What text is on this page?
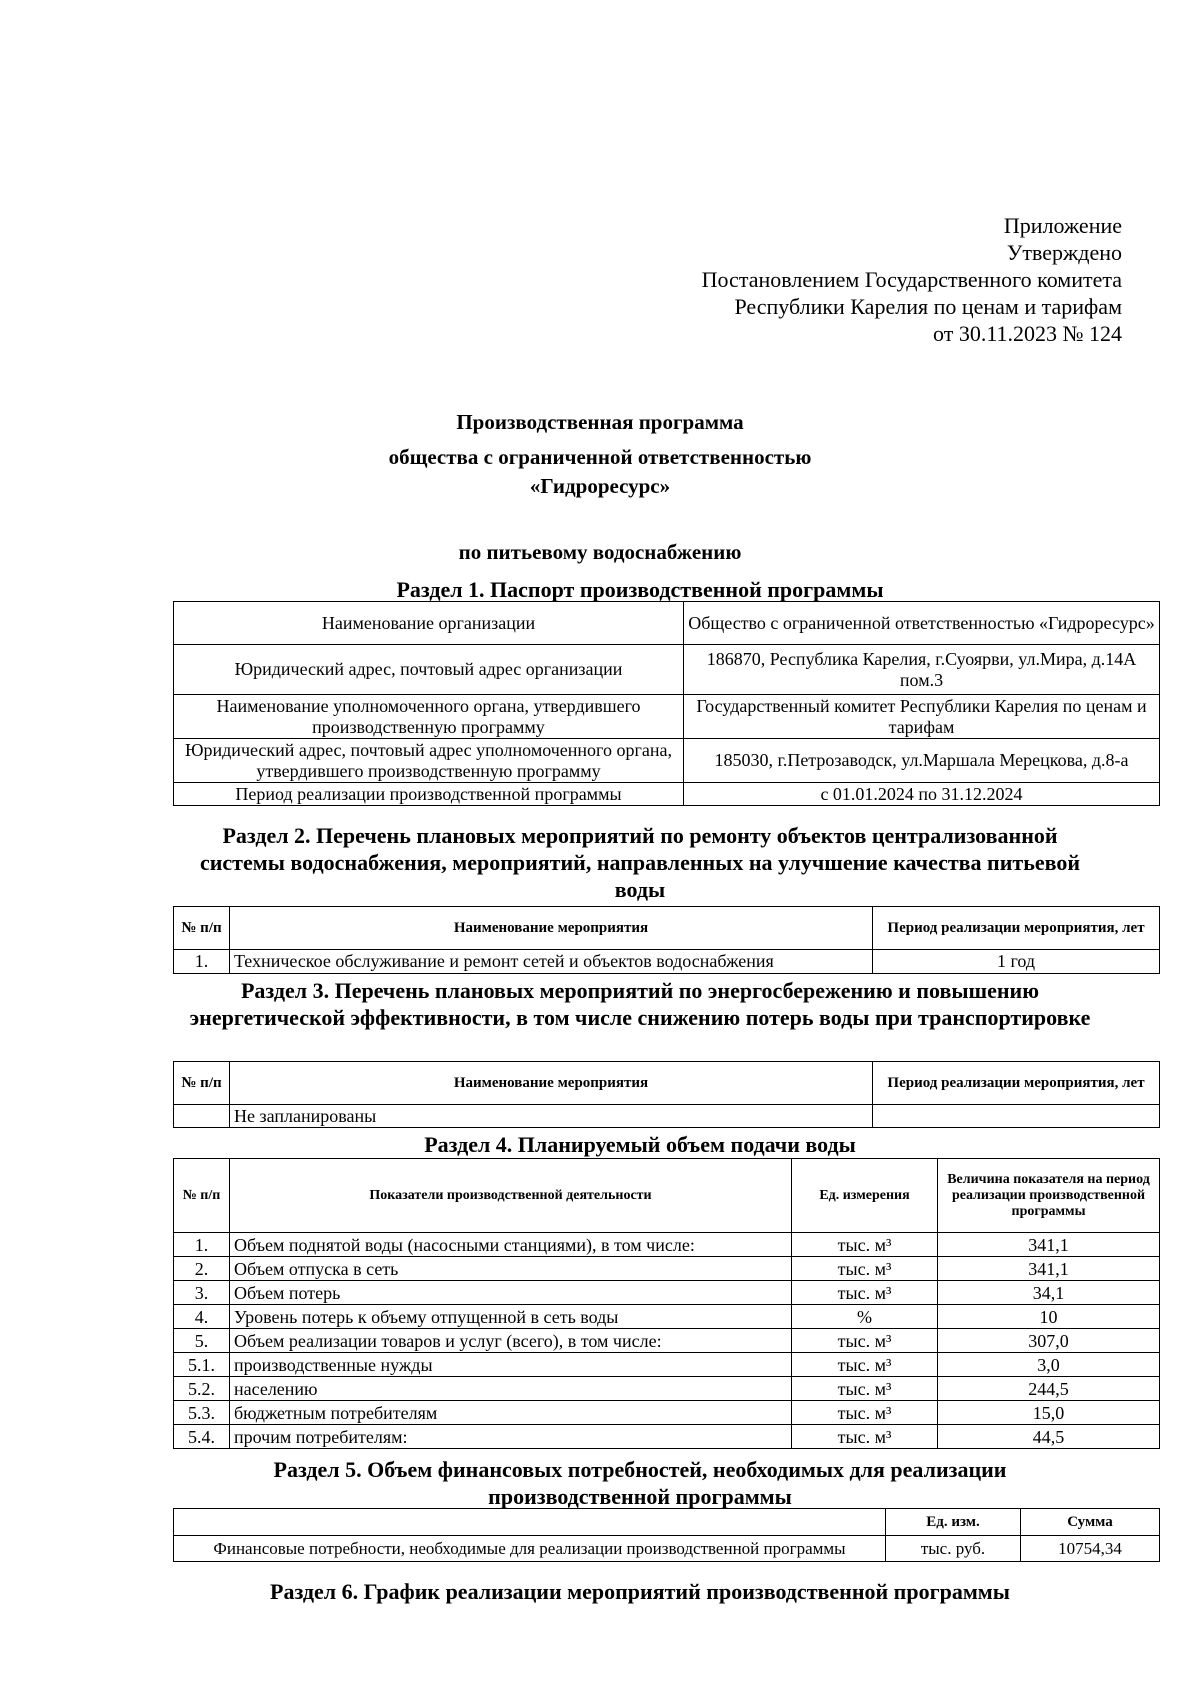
Приложение
Утверждено
Постановлением Государственного комитета
Республики Карелия по ценам и тарифам
от 30.11.2023 № 124
Производственная программа
общества с ограниченной ответственностью
«Гидроресурс»
по питьевому водоснабжению
Раздел 1. Паспорт производственной программы
Наименование организации	Общество с ограниченной ответственностью «Гидроресурс»
Юридический адрес, почтовый адрес организации	186870, Республика Карелия, г.Суоярви, ул.Мира, д.14А пом.3
Наименование уполномоченного органа, утвердившего производственную программу	Государственный комитет Республики Карелия по ценам и тарифам
Юридический адрес, почтовый адрес уполномоченного органа, утвердившего производственную программу	185030, г.Петрозаводск, ул.Маршала Мерецкова, д.8-а
Период реализации производственной программы	с 01.01.2024 по 31.12.2024
Раздел 2. Перечень плановых мероприятий по ремонту объектов централизованной системы водоснабжения, мероприятий, направленных на улучшение качества питьевой воды
№ п/п	Наименование мероприятия	Период реализации мероприятия, лет
1.	Техническое обслуживание и ремонт сетей и объектов водоснабжения	1 год
Раздел 3. Перечень плановых мероприятий по энергосбережению и повышению энергетической эффективности, в том числе снижению потерь воды при транспортировке
№ п/п	Наименование мероприятия	Период реализации мероприятия, лет
	Не запланированы	
Раздел 4. Планируемый объем подачи воды
№ п/п	Показатели производственной деятельности	Ед. измерения	Величина показателя на период реализации производственной программы
1.	Объем поднятой воды (насосными станциями), в том числе:	тыс. м³	341,1
2.	Объем отпуска в сеть	тыс. м³	341,1
3.	Объем потерь	тыс. м³	34,1
4.	Уровень потерь к объему отпущенной в сеть воды	%	10
5.	Объем реализации товаров и услуг (всего), в том числе:	тыс. м³	307,0
5.1.	производственные нужды	тыс. м³	3,0
5.2.	населению	тыс. м³	244,5
5.3.	бюджетным потребителям	тыс. м³	15,0
5.4.	прочим потребителям:	тыс. м³	44,5
Раздел 5. Объем финансовых потребностей, необходимых для реализации производственной программы
	Ед. изм.	Сумма
Финансовые потребности, необходимые для реализации производственной программы	тыс. руб.	10754,34
Раздел 6. График реализации мероприятий производственной программы
